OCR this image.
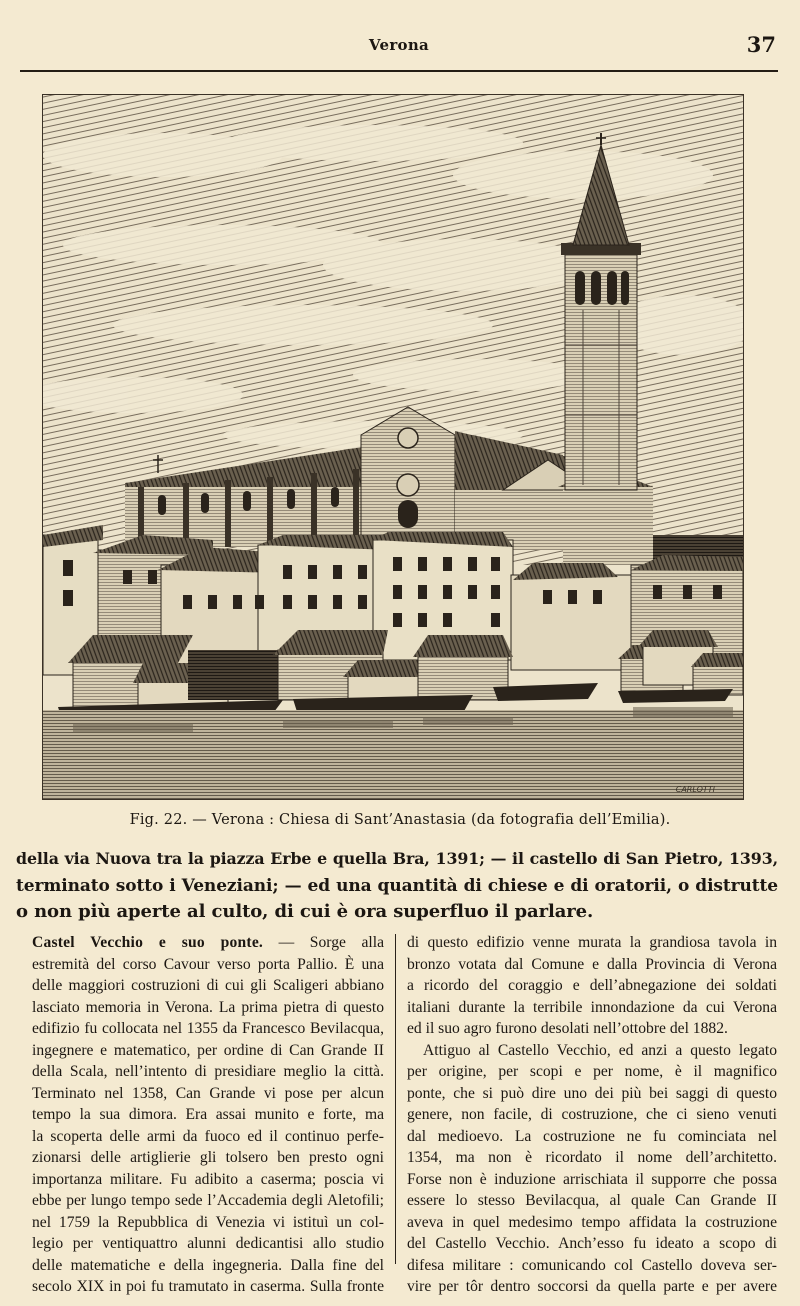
Verona	37
CARLOTTI
Fig. 22. — Verona : Chiesa di Sant’Anastasia (da fotografia dell’Emilia).
della via Nuova tra la piazza Erbe e quella Bra, 1391; — il castello di San Pietro, 1393,
terminato sotto i Veneziani; — ed una quantità di chiese e di oratorii, o distrutte
o non più aperte al culto, di cui è ora superfluo il parlare.
Castel Vecchio e suo ponte. — Sorge alla
estremità del corso Cavour verso porta Pallio. È una
delle maggiori costruzioni di cui gli Scaligeri abbiano
lasciato memoria in Verona. La prima pietra di questo
edifizio fu collocata nel 1355 da Francesco Bevilacqua,
ingegnere e matematico, per ordine di Can Grande II
della Scala, nell’intento di presidiare meglio la città.
Terminato nel 1358, Can Grande vi pose per alcun
tempo la sua dimora. Era assai munito e forte, ma
la scoperta delle armi da fuoco ed il continuo perfe-
zionarsi delle artiglierie gli tolsero ben presto ogni
importanza militare. Fu adibito a caserma; poscia vi
ebbe per lungo tempo sede l’Accademia degli Aletofili;
nel 1759 la Repubblica di Venezia vi istituì un col-
legio per ventiquattro alunni dedicantisi allo studio
delle matematiche e della ingegneria. Dalla fine del
secolo XIX in poi fu tramutato in caserma. Sulla fronte
di questo edifizio venne murata la grandiosa tavola in
bronzo votata dal Comune e dalla Provincia di Verona
a ricordo del coraggio e dell’abnegazione dei soldati
italiani durante la terribile innondazione da cui Verona
ed il suo agro furono desolati nell’ottobre del 1882.
Attiguo al Castello Vecchio, ed anzi a questo legato
per origine, per scopi e per nome, è il magnifico
ponte, che si può dire uno dei più bei saggi di questo
genere, non facile, di costruzione, che ci sieno venuti
dal medioevo. La costruzione ne fu cominciata nel
1354, ma non è ricordato il nome dell’architetto.
Forse non è induzione arrischiata il supporre che possa
essere lo stesso Bevilacqua, al quale Can Grande II
aveva in quel medesimo tempo affidata la costruzione
del Castello Vecchio. Anch’esso fu ideato a scopo di
difesa militare : comunicando col Castello doveva ser-
vire per tôr dentro soccorsi da quella parte e per avere
